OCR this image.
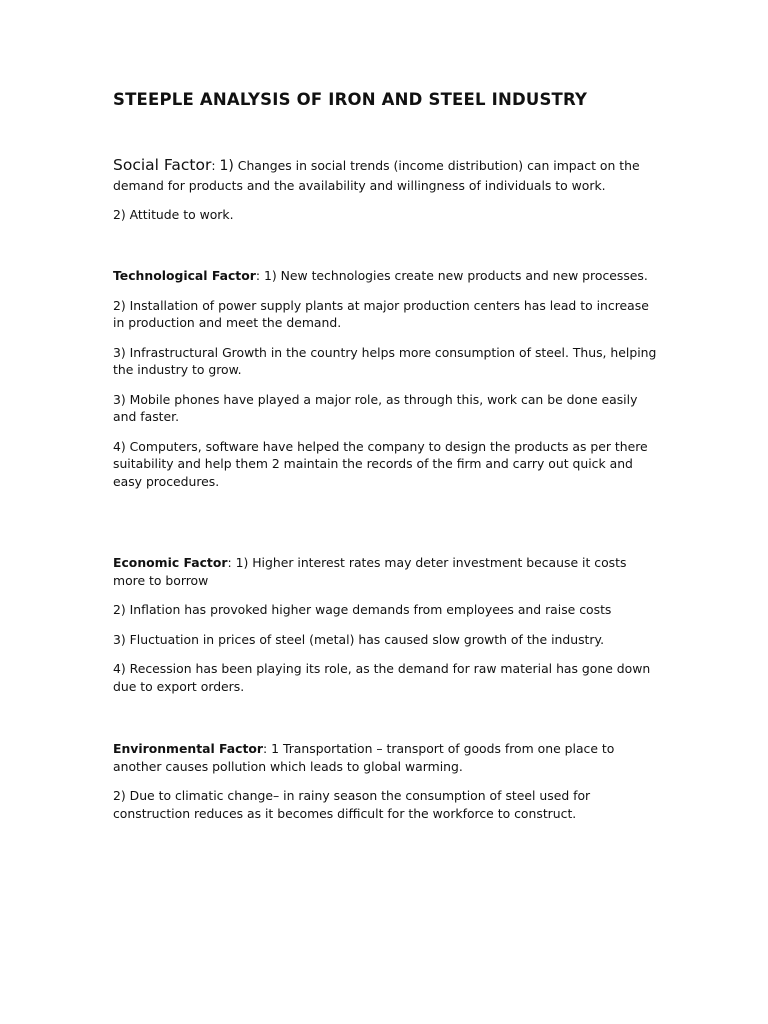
STEEPLE ANALYSIS OF IRON AND STEEL INDUSTRY

Social Factor: 1) Changes in social trends (income distribution) can impact on the demand for products and the availability and willingness of individuals to work.

2) Attitude to work.

Technological Factor: 1) New technologies create new products and new processes.

2) Installation of power supply plants at major production centers has lead to increase in production and meet the demand.

3) Infrastructural Growth in the country helps more consumption of steel. Thus, helping the industry to grow.

3) Mobile phones have played a major role, as through this, work can be done easily and faster.

4) Computers, software have helped the company to design the products as per there suitability and help them 2 maintain the records of the firm and carry out quick and easy procedures.

Economic Factor: 1) Higher interest rates may deter investment because it costs more to borrow

2) Inflation has provoked higher wage demands from employees and raise costs

3) Fluctuation in prices of steel (metal) has caused slow growth of the industry.

4) Recession has been playing its role, as the demand for raw material has gone down due to export orders.

Environmental Factor: 1 Transportation – transport of goods from one place to another causes pollution which leads to global warming.

2) Due to climatic change– in rainy season the consumption of steel used for construction reduces as it becomes difficult for the workforce to construct.
